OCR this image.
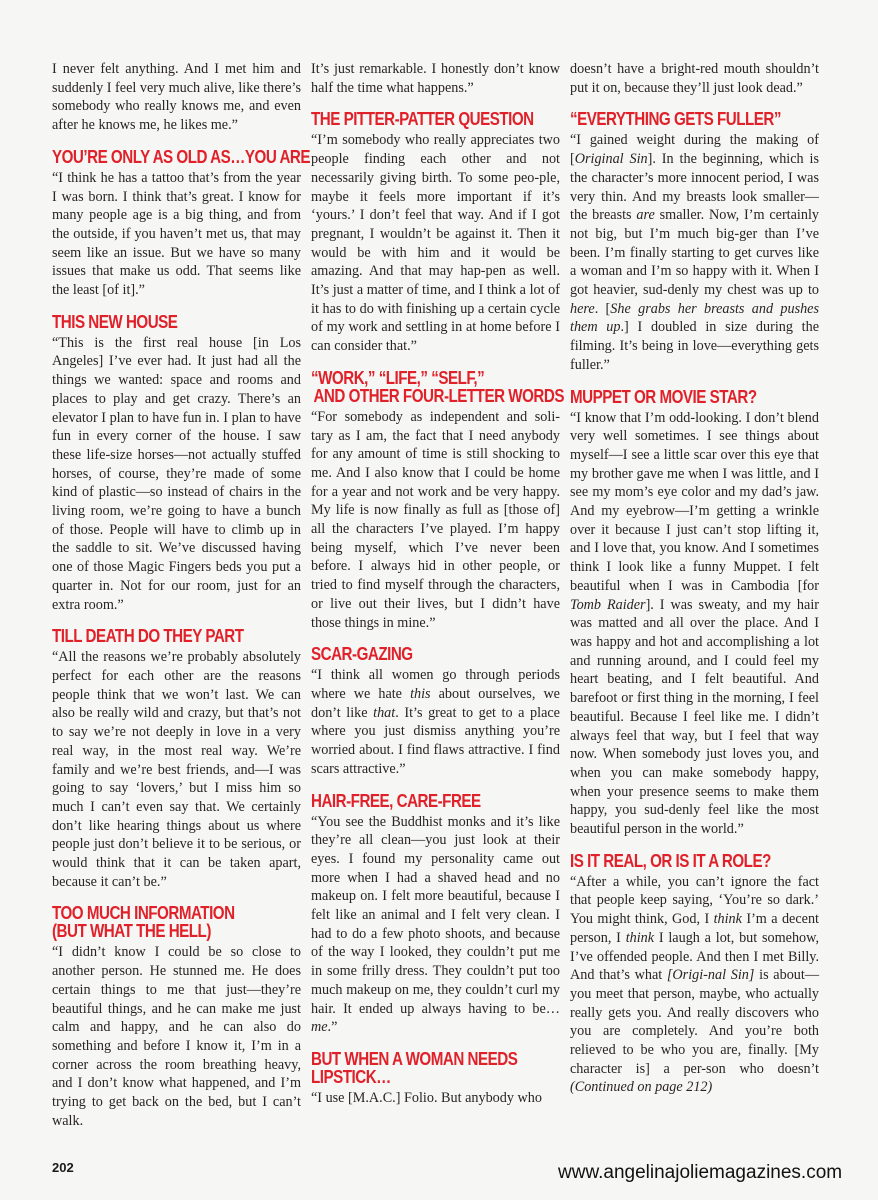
I never felt anything. And I met him and suddenly I feel very much alive, like there’s somebody who really knows me, and even after he knows me, he likes me.”

YOU’RE ONLY AS OLD AS…YOU ARE

“I think he has a tattoo that’s from the year I was born. I think that’s great. I know for many people age is a big thing, and from the outside, if you haven’t met us, that may seem like an issue. But we have so many issues that make us odd. That seems like the least [of it].”

THIS NEW HOUSE

“This is the first real house [in Los Angeles] I’ve ever had. It just had all the things we wanted: space and rooms and places to play and get crazy. There’s an elevator I plan to have fun in. I plan to have fun in every corner of the house. I saw these life-size horses—not actually stuffed horses, of course, they’re made of some kind of plastic—so instead of chairs in the living room, we’re going to have a bunch of those. People will have to climb up in the saddle to sit. We’ve discussed having one of those Magic Fingers beds you put a quarter in. Not for our room, just for an extra room.”

TILL DEATH DO THEY PART

“All the reasons we’re probably absolutely perfect for each other are the reasons people think that we won’t last. We can also be really wild and crazy, but that’s not to say we’re not deeply in love in a very real way, in the most real way. We’re family and we’re best friends, and—I was going to say ‘lovers,’ but I miss him so much I can’t even say that. We certainly don’t like hearing things about us where people just don’t believe it to be serious, or would think that it can be taken apart, because it can’t be.”

TOO MUCH INFORMATION
(BUT WHAT THE HELL)

“I didn’t know I could be so close to another person. He stunned me. He does certain things to me that just—they’re beautiful things, and he can make me just calm and happy, and he can also do something and before I know it, I’m in a corner across the room breathing heavy, and I don’t know what happened, and I’m trying to get back on the bed, but I can’t walk.

It’s just remarkable. I honestly don’t know half the time what happens.”

THE PITTER-PATTER QUESTION

“I’m somebody who really appreciates two people finding each other and not necessarily giving birth. To some peo-ple, maybe it feels more important if it’s ‘yours.’ I don’t feel that way. And if I got pregnant, I wouldn’t be against it. Then it would be with him and it would be amazing. And that may hap-pen as well. It’s just a matter of time, and I think a lot of it has to do with finishing up a certain cycle of my work and settling in at home before I can consider that.”

“WORK,” “LIFE,” “SELF,”
AND OTHER FOUR-LETTER WORDS

“For somebody as independent and soli-tary as I am, the fact that I need anybody for any amount of time is still shocking to me. And I also know that I could be home for a year and not work and be very happy. My life is now finally as full as [those of] all the characters I’ve played. I’m happy being myself, which I’ve never been before. I always hid in other people, or tried to find myself through the characters, or live out their lives, but I didn’t have those things in mine.”

SCAR-GAZING

“I think all women go through periods where we hate this about ourselves, we don’t like that. It’s great to get to a place where you just dismiss anything you’re worried about. I find flaws attractive. I find scars attractive.”

HAIR-FREE, CARE-FREE

“You see the Buddhist monks and it’s like they’re all clean—you just look at their eyes. I found my personality came out more when I had a shaved head and no makeup on. I felt more beautiful, because I felt like an animal and I felt very clean. I had to do a few photo shoots, and because of the way I looked, they couldn’t put me in some frilly dress. They couldn’t put too much makeup on me, they couldn’t curl my hair. It ended up always having to be…me.”

BUT WHEN A WOMAN NEEDS
LIPSTICK…

“I use [M.A.C.] Folio. But anybody who

doesn’t have a bright-red mouth shouldn’t put it on, because they’ll just look dead.”

“EVERYTHING GETS FULLER”

“I gained weight during the making of [Original Sin]. In the beginning, which is the character’s more innocent period, I was very thin. And my breasts look smaller—the breasts are smaller. Now, I’m certainly not big, but I’m much big-ger than I’ve been. I’m finally starting to get curves like a woman and I’m so happy with it. When I got heavier, sud-denly my chest was up to here. [She grabs her breasts and pushes them up.] I doubled in size during the filming. It’s being in love—everything gets fuller.”

MUPPET OR MOVIE STAR?

“I know that I’m odd-looking. I don’t blend very well sometimes. I see things about myself—I see a little scar over this eye that my brother gave me when I was little, and I see my mom’s eye color and my dad’s jaw. And my eyebrow—I’m getting a wrinkle over it because I just can’t stop lifting it, and I love that, you know. And I sometimes think I look like a funny Muppet. I felt beautiful when I was in Cambodia [for Tomb Raider]. I was sweaty, and my hair was matted and all over the place. And I was happy and hot and accomplishing a lot and running around, and I could feel my heart beating, and I felt beautiful. And barefoot or first thing in the morning, I feel beautiful. Because I feel like me. I didn’t always feel that way, but I feel that way now. When somebody just loves you, and when you can make somebody happy, when your presence seems to make them happy, you sud-denly feel like the most beautiful person in the world.”

IS IT REAL, OR IS IT A ROLE?

“After a while, you can’t ignore the fact that people keep saying, ‘You’re so dark.’ You might think, God, I think I’m a decent person, I think I laugh a lot, but somehow, I’ve offended people. And then I met Billy. And that’s what [Origi-nal Sin] is about—you meet that person, maybe, who actually really gets you. And really discovers who you are completely. And you’re both relieved to be who you are, finally. [My character is] a per-son who doesn’t (Continued on page 212)

202	www.angelinajoliemagazines.com
